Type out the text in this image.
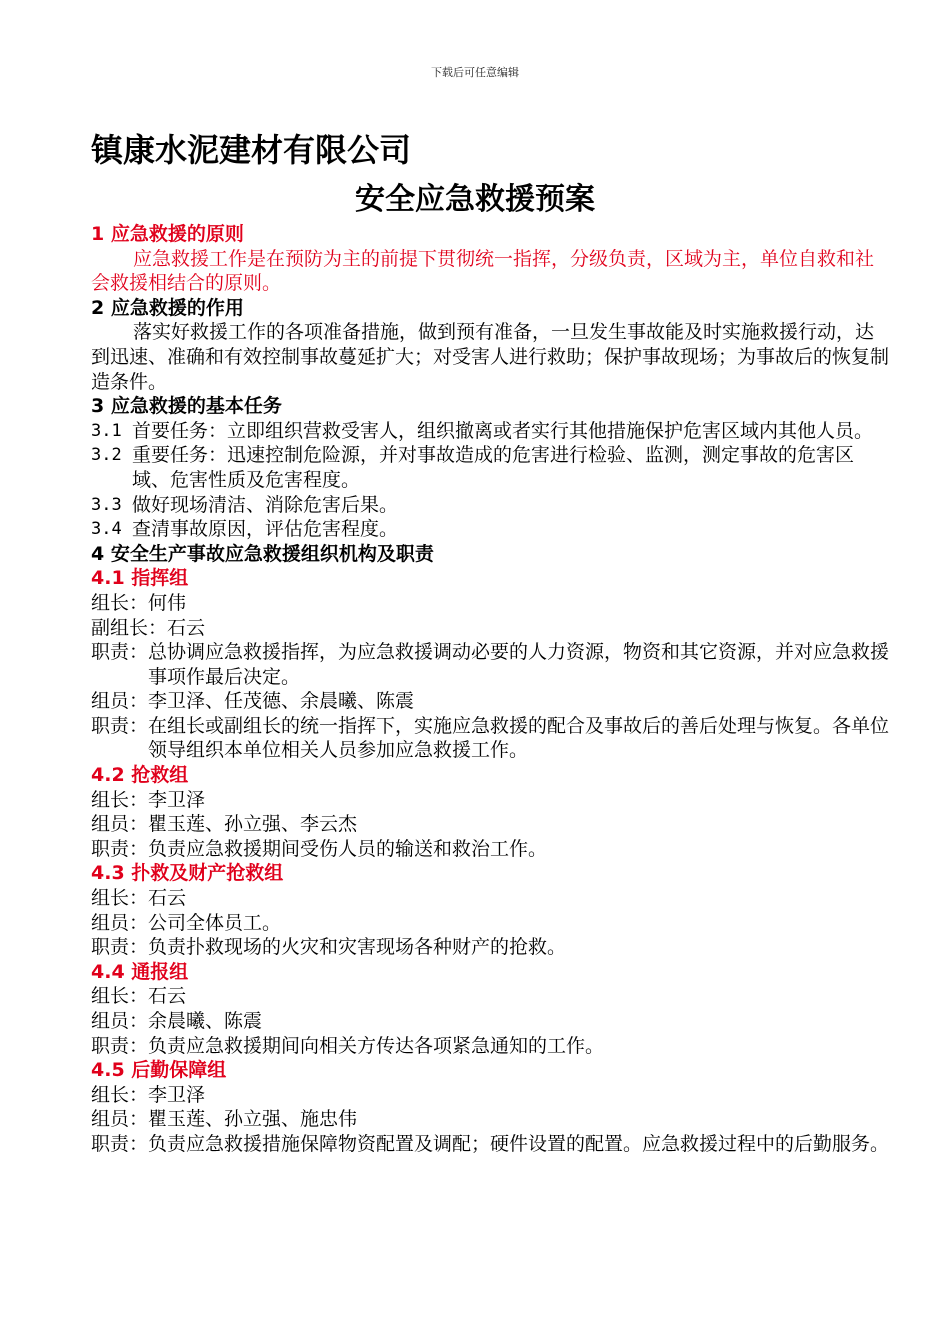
下载后可任意编辑
镇康水泥建材有限公司
安全应急救援预案
1 应急救援的原则
应急救援工作是在预防为主的前提下贯彻统一指挥，分级负责，区域为主，单位自救和社会救援相结合的原则。
2 应急救援的作用
落实好救援工作的各项准备措施，做到预有准备，一旦发生事故能及时实施救援行动，达到迅速、准确和有效控制事故蔓延扩大；对受害人进行救助；保护事故现场；为事故后的恢复制造条件。
3 应急救援的基本任务
3.1 首要任务：立即组织营救受害人，组织撤离或者实行其他措施保护危害区域内其他人员。
3.2 重要任务：迅速控制危险源，并对事故造成的危害进行检验、监测，测定事故的危害区域、危害性质及危害程度。
3.3 做好现场清洁、消除危害后果。
3.4 查清事故原因，评估危害程度。
4 安全生产事故应急救援组织机构及职责
4.1 指挥组
组长： 何伟
副组长： 石云
职责： 总协调应急救援指挥，为应急救援调动必要的人力资源，物资和其它资源，并对应急救援事项作最后决定。
组员： 李卫泽、任茂德、余晨曦、陈震
职责： 在组长或副组长的统一指挥下，实施应急救援的配合及事故后的善后处理与恢复。各单位领导组织本单位相关人员参加应急救援工作。
4.2 抢救组
组长： 李卫泽
组员： 瞿玉莲、孙立强、李云杰
职责： 负责应急救援期间受伤人员的输送和救治工作。
4.3 扑救及财产抢救组
组长： 石云
组员： 公司全体员工。
职责： 负责扑救现场的火灾和灾害现场各种财产的抢救。
4.4 通报组
组长： 石云
组员： 余晨曦、陈震
职责： 负责应急救援期间向相关方传达各项紧急通知的工作。
4.5 后勤保障组
组长： 李卫泽
组员： 瞿玉莲、孙立强、施忠伟
职责： 负责应急救援措施保障物资配置及调配；硬件设置的配置。应急救援过程中的后勤服务。
